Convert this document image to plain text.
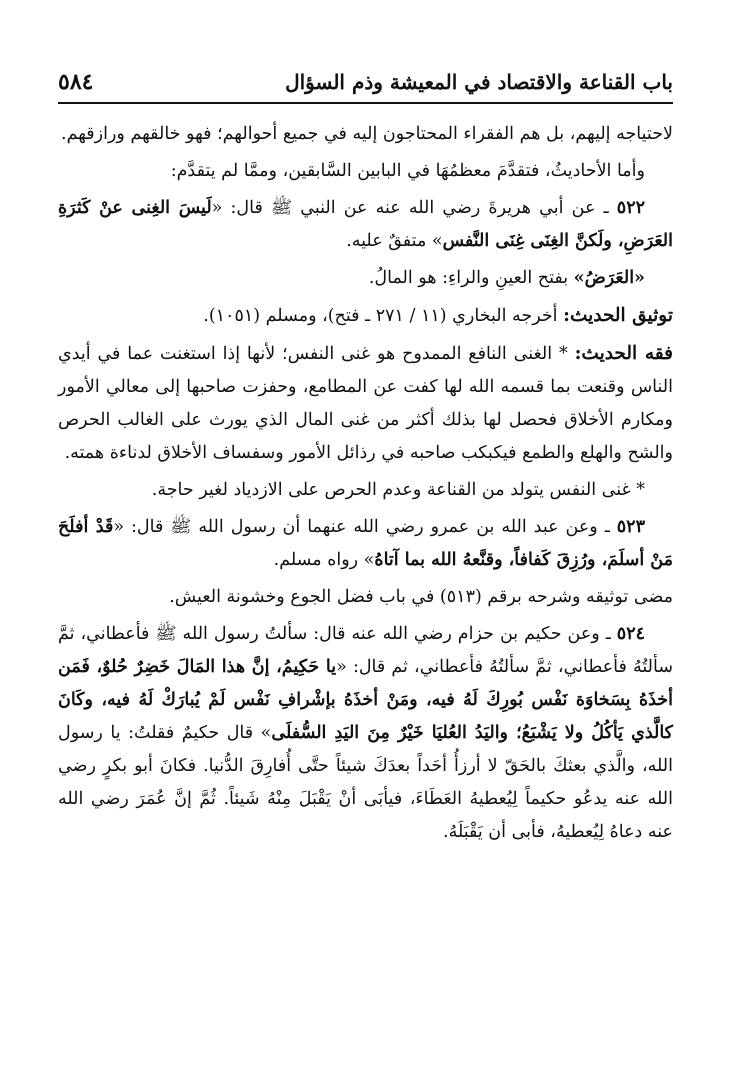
باب القناعة والاقتصاد في المعيشة وذم السؤال
٥٨٤

لاحتياجه إليهم، بل هم الفقراء المحتاجون إليه في جميع أحوالهم؛ فهو خالقهم ورازقهم.

وأما الأحاديثُ، فتقدَّمَ معظمُهَا في البابين السَّابقين، وممَّا لم يتقدَّم:

٥٢٢ ـ عن أبي هريرةَ رضي الله عنه عن النبي ﷺ قال: «لَيسَ الغِنى عنْ كَثرَةِ العَرَضِ، ولَكنَّ الغِنَى غِنَى النَّفس» متفقٌ عليه.

«العَرَضُ» بفتح العينِ والراءِ: هو المالُ.

توثيق الحديث: أخرجه البخاري (١١ / ٢٧١ ـ فتح)، ومسلم (١٠٥١).

فقه الحديث: * الغنى النافع الممدوح هو غنى النفس؛ لأنها إذا استغنت عما في أيدي الناس وقنعت بما قسمه الله لها كفت عن المطامع، وحفزت صاحبها إلى معالي الأمور ومكارم الأخلاق فحصل لها بذلك أكثر من غنى المال الذي يورث على الغالب الحرص والشح والهلع والطمع فيكبكب صاحبه في رذائل الأمور وسفساف الأخلاق لدناءة همته.

* غنى النفس يتولد من القناعة وعدم الحرص على الازدياد لغير حاجة.

٥٢٣ ـ وعن عبد الله بن عمرو رضي الله عنهما أن رسول الله ﷺ قال: «قَدْ أفلَحَ مَنْ أسلَمَ، ورُزِقَ كَفافاً، وقنَّعهُ الله بما آتاهُ» رواه مسلم.

مضى توثيقه وشرحه برقم (٥١٣) في باب فضل الجوع وخشونة العيش.

٥٢٤ ـ وعن حكيم بن حزام رضي الله عنه قال: سألتُ رسول الله ﷺ فأعطاني، ثمَّ سألتُهُ فأعطاني، ثمَّ سألتُهُ فأعطاني، ثم قال: «يا حَكِيمُ، إنَّ هذا المَالَ خَضِرٌ حُلوٌ، فَمَن أخذَهُ بِسَخاوَة نَفْس بُورِكَ لَهُ فيه، ومَنْ أخذَهُ بإشْرافِ نَفْس لَمْ يُبارَكْ لَهُ فيه، وكَانَ كالَّذي يَأكُلُ ولا يَشْبَعُ؛ واليَدُ العُليَا خَيْرٌ مِنَ اليَدِ السُّفلَى» قال حكيمٌ فقلتُ: يا رسول الله، والَّذي بعثكَ بالحَقّ لا أرزأُ أحَداً بعدَكَ شيئاً حتَّى أُفارِقَ الدُّنيا. فكانَ أبو بكرٍ رضي الله عنه يدعُو حكيماً لِيُعطيهُ العَطَاءَ، فيأبَى أنْ يَقْبَلَ مِنْهُ شَيئاً. ثُمَّ إنَّ عُمَرَ رضي الله عنه دعاهُ لِيُعطيهُ، فأبى أن يَقْبَلَهُ.
